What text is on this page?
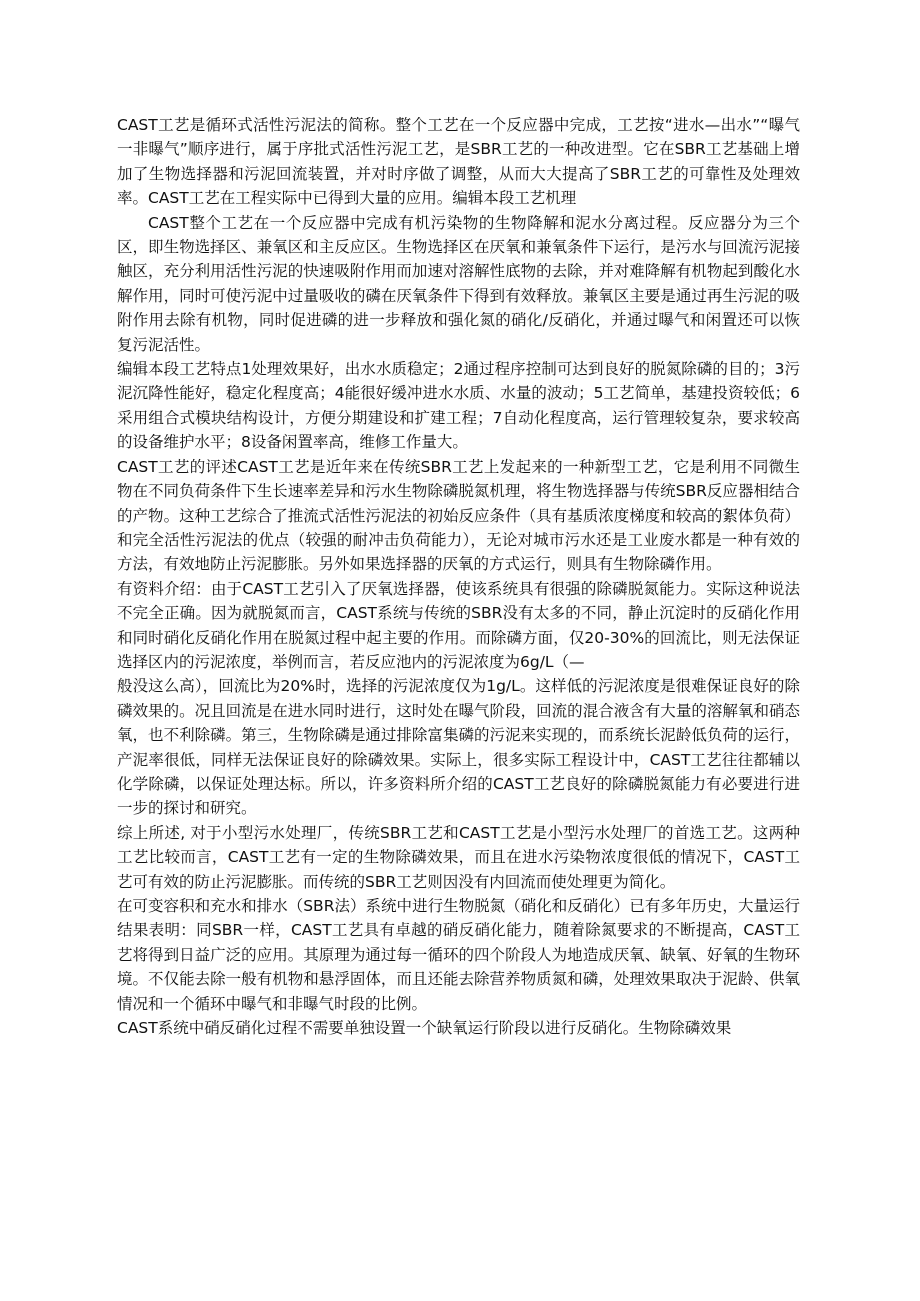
CAST工艺是循环式活性污泥法的简称。整个工艺在一个反应器中完成，工艺按“进水—出水”“曝气一非曝气”顺序进行，属于序批式活性污泥工艺，是SBR工艺的一种改进型。它在SBR工艺基础上增加了生物选择器和污泥回流装置，并对时序做了调整，从而大大提高了SBR工艺的可靠性及处理效率。CAST工艺在工程实际中已得到大量的应用。编辑本段工艺机理

CAST整个工艺在一个反应器中完成有机污染物的生物降解和泥水分离过程。反应器分为三个区，即生物选择区、兼氧区和主反应区。生物选择区在厌氧和兼氧条件下运行，是污水与回流污泥接触区，充分利用活性污泥的快速吸附作用而加速对溶解性底物的去除，并对难降解有机物起到酸化水解作用，同时可使污泥中过量吸收的磷在厌氧条件下得到有效释放。兼氧区主要是通过再生污泥的吸附作用去除有机物，同时促进磷的进一步释放和强化氮的硝化/反硝化，并通过曝气和闲置还可以恢复污泥活性。

编辑本段工艺特点1处理效果好，出水水质稳定；2通过程序控制可达到良好的脱氮除磷的目的；3污泥沉降性能好，稳定化程度高；4能很好缓冲进水水质、水量的波动；5工艺简单，基建投资较低；6采用组合式模块结构设计，方便分期建设和扩建工程；7自动化程度高，运行管理较复杂，要求较高的设备维护水平；8设备闲置率高，维修工作量大。

CAST工艺的评述CAST工艺是近年来在传统SBR工艺上发起来的一种新型工艺，它是利用不同微生物在不同负荷条件下生长速率差异和污水生物除磷脱氮机理，将生物选择器与传统SBR反应器相结合的产物。这种工艺综合了推流式活性污泥法的初始反应条件（具有基质浓度梯度和较高的絮体负荷）和完全活性污泥法的优点（较强的耐冲击负荷能力），无论对城市污水还是工业废水都是一种有效的方法，有效地防止污泥膨胀。另外如果选择器的厌氧的方式运行，则具有生物除磷作用。

有资料介绍：由于CAST工艺引入了厌氧选择器，使该系统具有很强的除磷脱氮能力。实际这种说法不完全正确。因为就脱氮而言，CAST系统与传统的SBR没有太多的不同，静止沉淀时的反硝化作用和同时硝化反硝化作用在脱氮过程中起主要的作用。而除磷方面，仅20-30%的回流比，则无法保证选择区内的污泥浓度，举例而言，若反应池内的污泥浓度为6g/L（—

般没这么高），回流比为20%时，选择的污泥浓度仅为1g/L。这样低的污泥浓度是很难保证良好的除磷效果的。况且回流是在进水同时进行，这时处在曝气阶段，回流的混合液含有大量的溶解氧和硝态氧，也不利除磷。第三，生物除磷是通过排除富集磷的污泥来实现的，而系统长泥龄低负荷的运行，产泥率很低，同样无法保证良好的除磷效果。实际上，很多实际工程设计中，CAST工艺往往都辅以化学除磷，以保证处理达标。所以，许多资料所介绍的CAST工艺良好的除磷脱氮能力有必要进行进一步的探讨和研究。

综上所述, 对于小型污水处理厂，传统SBR工艺和CAST工艺是小型污水处理厂的首选工艺。这两种工艺比较而言，CAST工艺有一定的生物除磷效果，而且在进水污染物浓度很低的情况下，CAST工艺可有效的防止污泥膨胀。而传统的SBR工艺则因没有内回流而使处理更为简化。

在可变容积和充水和排水（SBR法）系统中进行生物脱氮（硝化和反硝化）已有多年历史，大量运行结果表明：同SBR一样，CAST工艺具有卓越的硝反硝化能力，随着除氮要求的不断提高，CAST工艺将得到日益广泛的应用。其原理为通过每一循环的四个阶段人为地造成厌氧、缺氧、好氧的生物环境。不仅能去除一般有机物和悬浮固体，而且还能去除营养物质氮和磷，处理效果取决于泥龄、供氧情况和一个循环中曝气和非曝气时段的比例。

CAST系统中硝反硝化过程不需要单独设置一个缺氧运行阶段以进行反硝化。生物除磷效果
